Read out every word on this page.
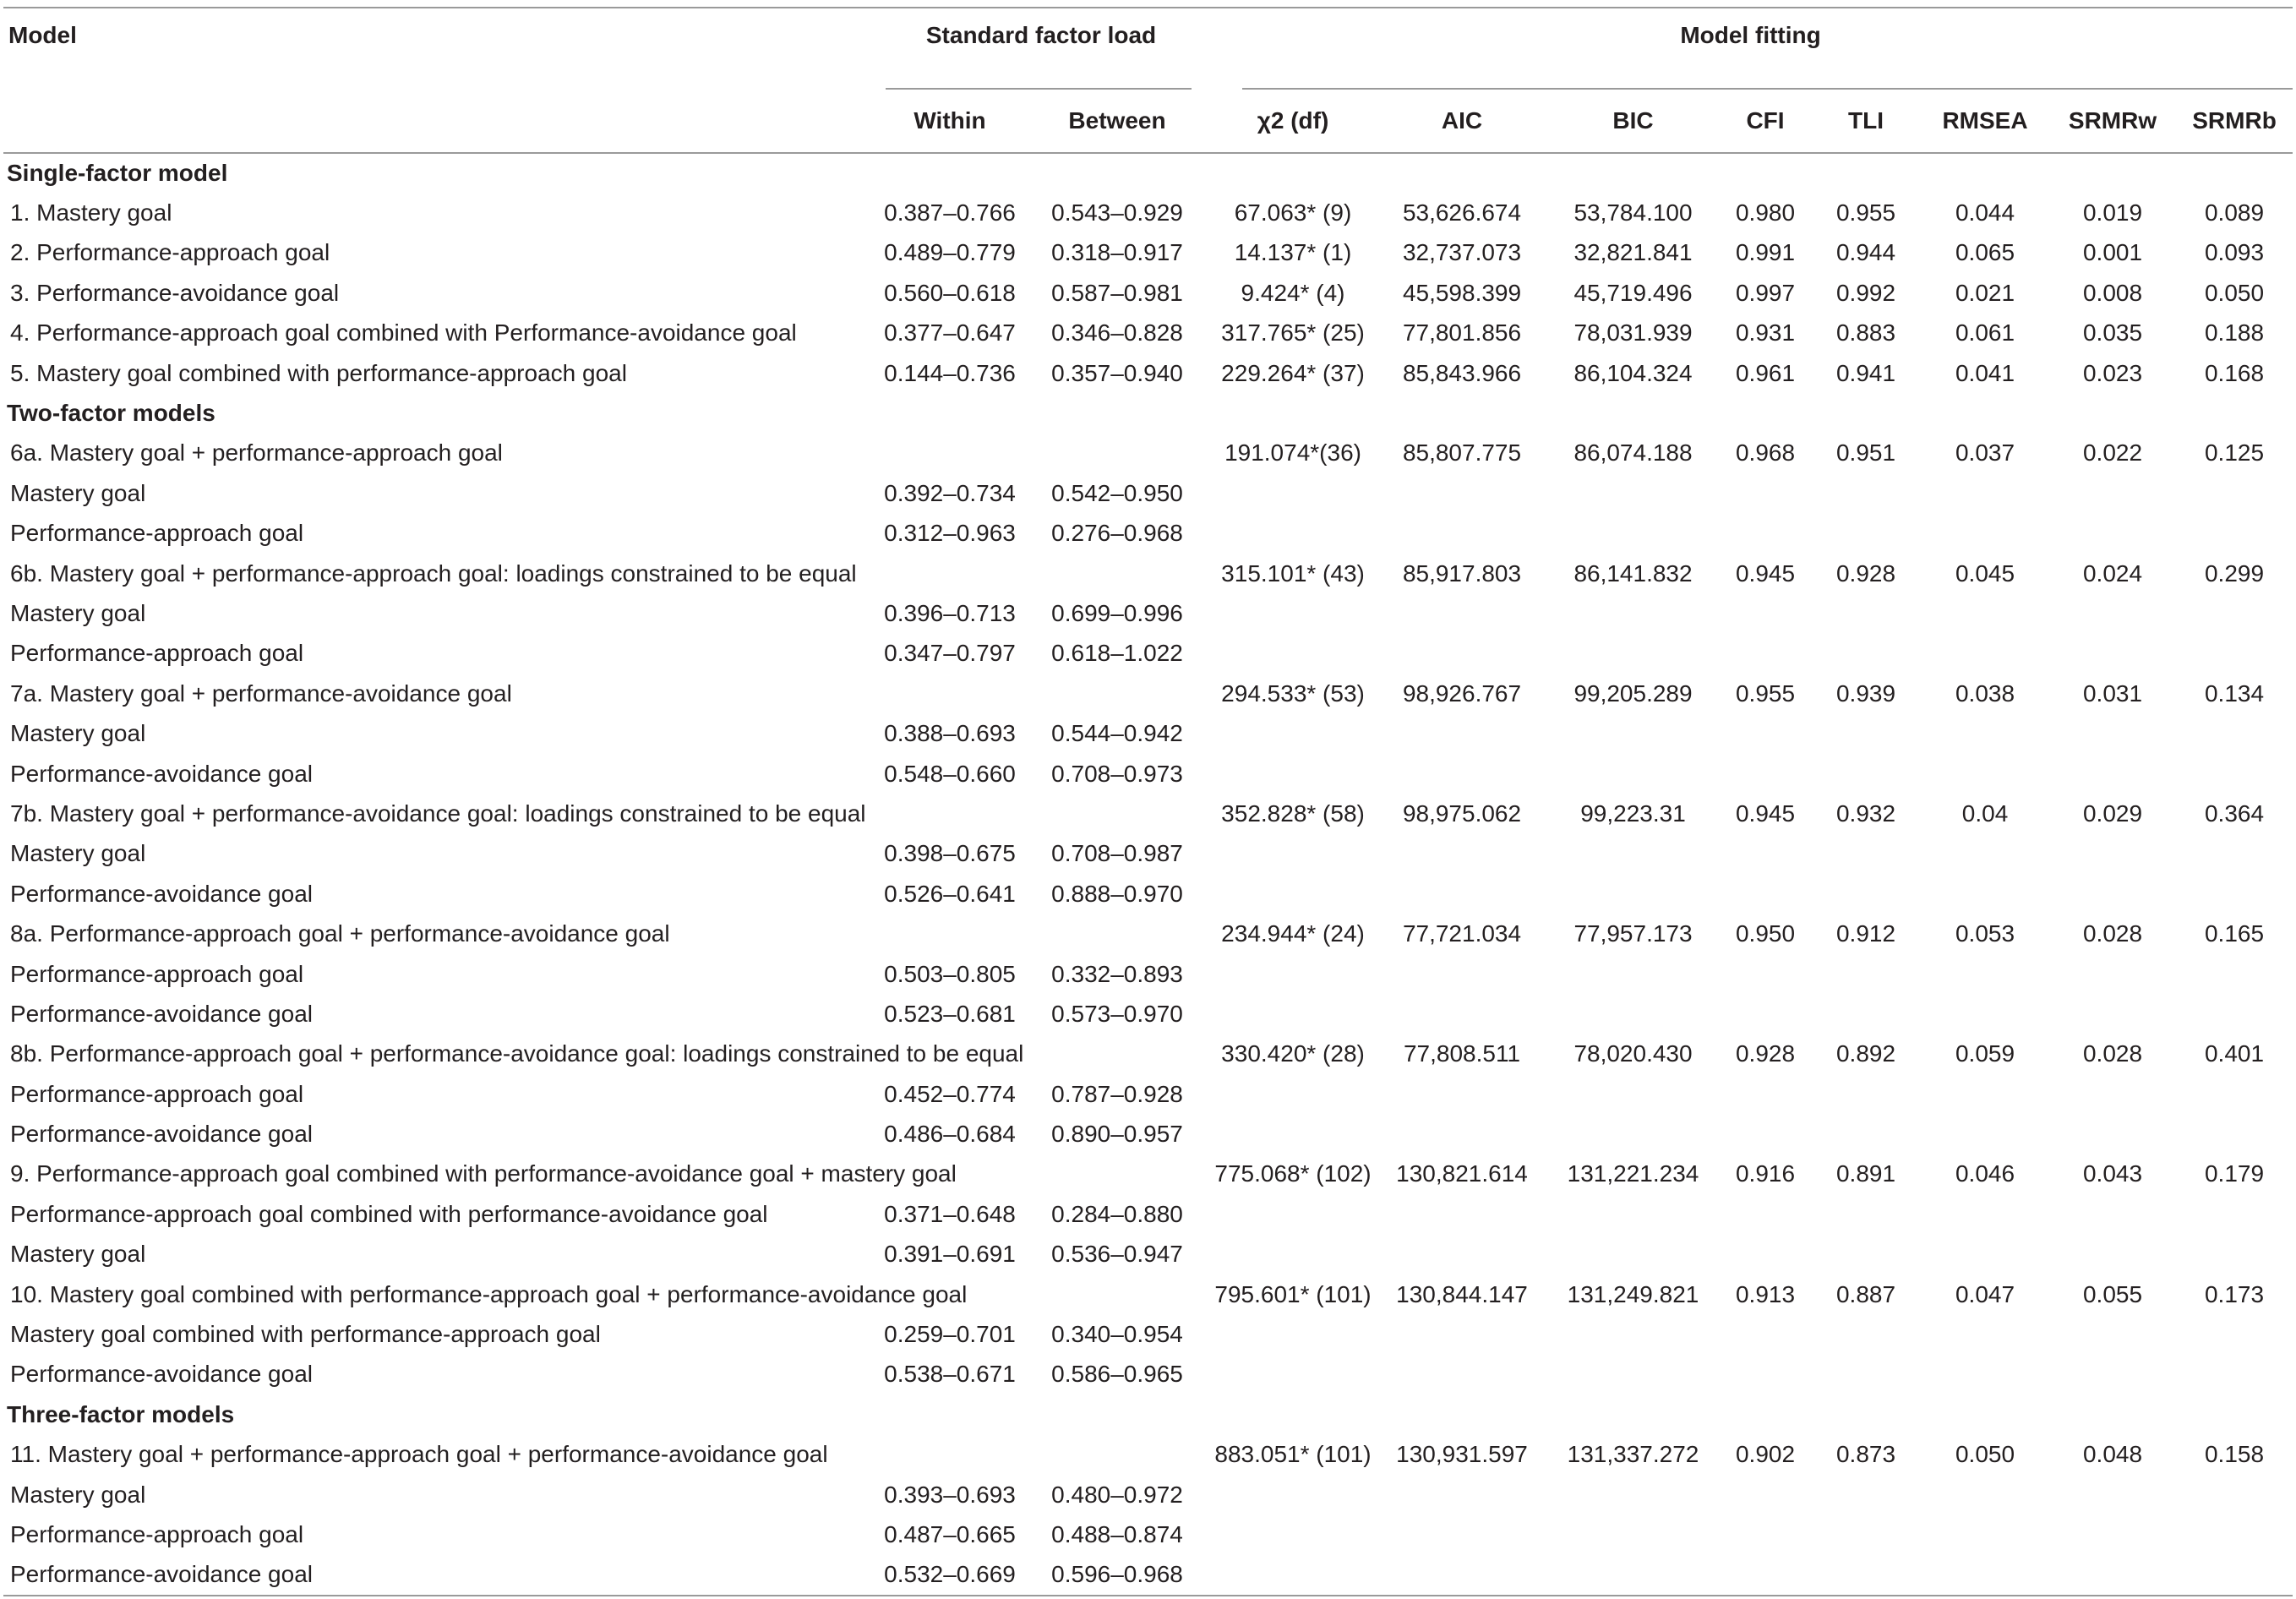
Model	Standard factor load		Model fitting							

	Within	Between	χ2 (df)	AIC	BIC	CFI	TLI	RMSEA	SRMRw	SRMRb
Single-factor model										
1. Mastery goal	0.387–0.766	0.543–0.929	67.063* (9)	53,626.674	53,784.100	0.980	0.955	0.044	0.019	0.089
2. Performance-approach goal	0.489–0.779	0.318–0.917	14.137* (1)	32,737.073	32,821.841	0.991	0.944	0.065	0.001	0.093
3. Performance-avoidance goal	0.560–0.618	0.587–0.981	9.424* (4)	45,598.399	45,719.496	0.997	0.992	0.021	0.008	0.050
4. Performance-approach goal combined with Performance-avoidance goal	0.377–0.647	0.346–0.828	317.765* (25)	77,801.856	78,031.939	0.931	0.883	0.061	0.035	0.188
5. Mastery goal combined with performance-approach goal	0.144–0.736	0.357–0.940	229.264* (37)	85,843.966	86,104.324	0.961	0.941	0.041	0.023	0.168
Two-factor models										
6a. Mastery goal + performance-approach goal			191.074*(36)	85,807.775	86,074.188	0.968	0.951	0.037	0.022	0.125
Mastery goal	0.392–0.734	0.542–0.950								
Performance-approach goal	0.312–0.963	0.276–0.968								
6b. Mastery goal + performance-approach goal: loadings constrained to be equal			315.101* (43)	85,917.803	86,141.832	0.945	0.928	0.045	0.024	0.299
Mastery goal	0.396–0.713	0.699–0.996								
Performance-approach goal	0.347–0.797	0.618–1.022								
7a. Mastery goal + performance-avoidance goal			294.533* (53)	98,926.767	99,205.289	0.955	0.939	0.038	0.031	0.134
Mastery goal	0.388–0.693	0.544–0.942								
Performance-avoidance goal	0.548–0.660	0.708–0.973								
7b. Mastery goal + performance-avoidance goal: loadings constrained to be equal			352.828* (58)	98,975.062	99,223.31	0.945	0.932	0.04	0.029	0.364
Mastery goal	0.398–0.675	0.708–0.987								
Performance-avoidance goal	0.526–0.641	0.888–0.970								
8a. Performance-approach goal + performance-avoidance goal			234.944* (24)	77,721.034	77,957.173	0.950	0.912	0.053	0.028	0.165
Performance-approach goal	0.503–0.805	0.332–0.893								
Performance-avoidance goal	0.523–0.681	0.573–0.970								
8b. Performance-approach goal + performance-avoidance goal: loadings constrained to be equal			330.420* (28)	77,808.511	78,020.430	0.928	0.892	0.059	0.028	0.401
Performance-approach goal	0.452–0.774	0.787–0.928								
Performance-avoidance goal	0.486–0.684	0.890–0.957								
9. Performance-approach goal combined with performance-avoidance goal + mastery goal			775.068* (102)	130,821.614	131,221.234	0.916	0.891	0.046	0.043	0.179
Performance-approach goal combined with performance-avoidance goal	0.371–0.648	0.284–0.880								
Mastery goal	0.391–0.691	0.536–0.947								
10. Mastery goal combined with performance-approach goal + performance-avoidance goal			795.601* (101)	130,844.147	131,249.821	0.913	0.887	0.047	0.055	0.173
Mastery goal combined with performance-approach goal	0.259–0.701	0.340–0.954								
Performance-avoidance goal	0.538–0.671	0.586–0.965								
Three-factor models										
11. Mastery goal + performance-approach goal + performance-avoidance goal			883.051* (101)	130,931.597	131,337.272	0.902	0.873	0.050	0.048	0.158
Mastery goal	0.393–0.693	0.480–0.972								
Performance-approach goal	0.487–0.665	0.488–0.874								
Performance-avoidance goal	0.532–0.669	0.596–0.968								
